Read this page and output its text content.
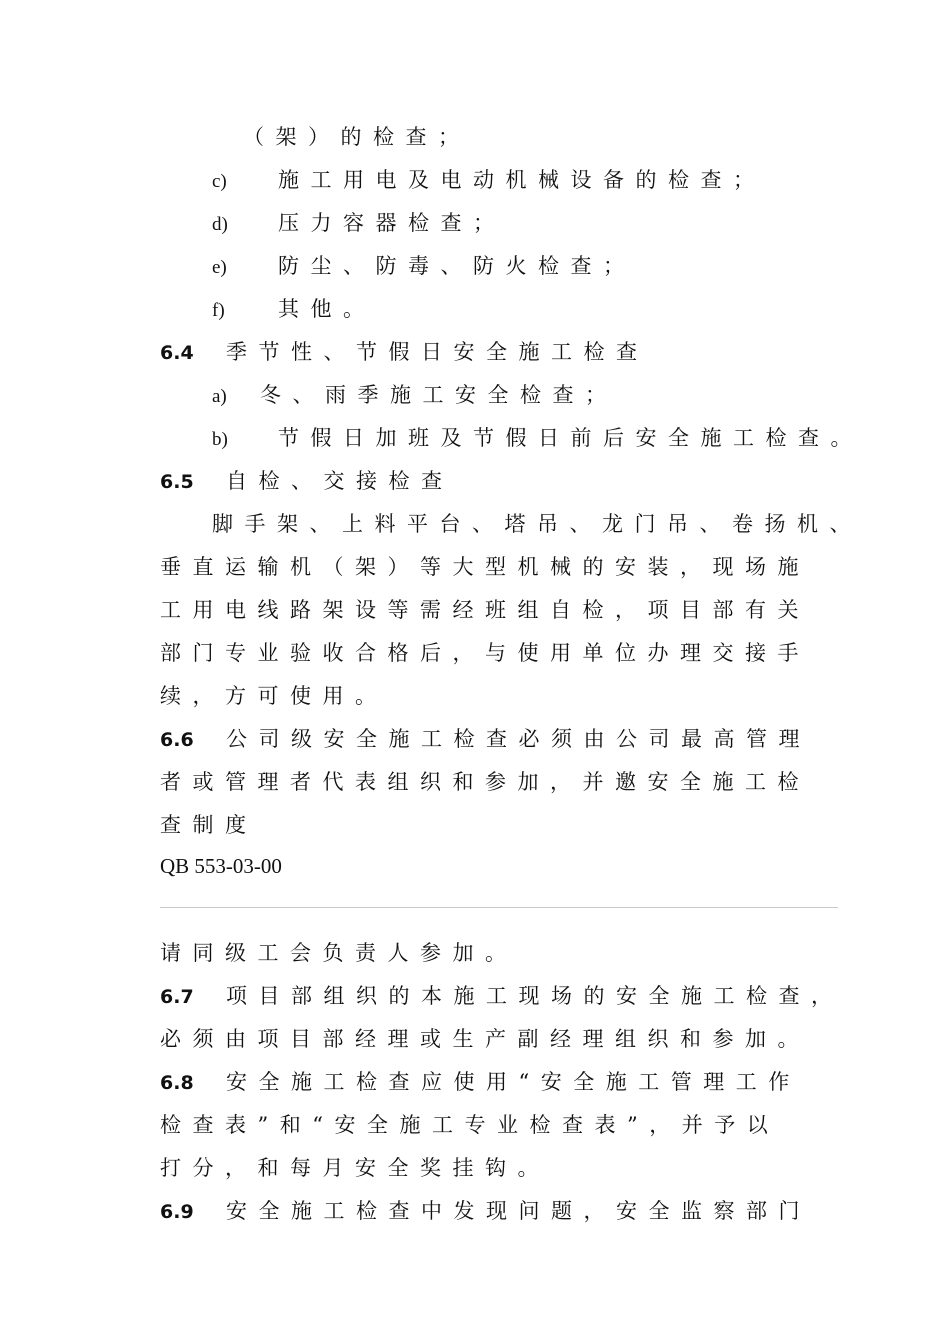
（架）的检查；
c) 施工用电及电动机械设备的检查；
d) 压力容器检查；
e) 防尘、防毒、防火检查；
f)	其他。
6.4 季节性、节假日安全施工检查
a) 冬、雨季施工安全检查；
b) 节假日加班及节假日前后安全施工检查。
6.5 自检、交接检查
脚手架、上料平台、塔吊、龙门吊、卷扬机、
垂直运输机（架）等大型机械的安装，现场施
工用电线路架设等需经班组自检，项目部有关
部门专业验收合格后，与使用单位办理交接手
续，方可使用。
6.6 公司级安全施工检查必须由公司最高管理
者或管理者代表组织和参加，并邀安全施工检
查制度
QB 553-03-00
请同级工会负责人参加。
6.7 项目部组织的本施工现场的安全施工检查，
必须由项目部经理或生产副经理组织和参加。
6.8 安全施工检查应使用“安全施工管理工作
检查表”和“安全施工专业检查表”，并予以
打分，和每月安全奖挂钩。
6.9 安全施工检查中发现问题，安全监察部门
